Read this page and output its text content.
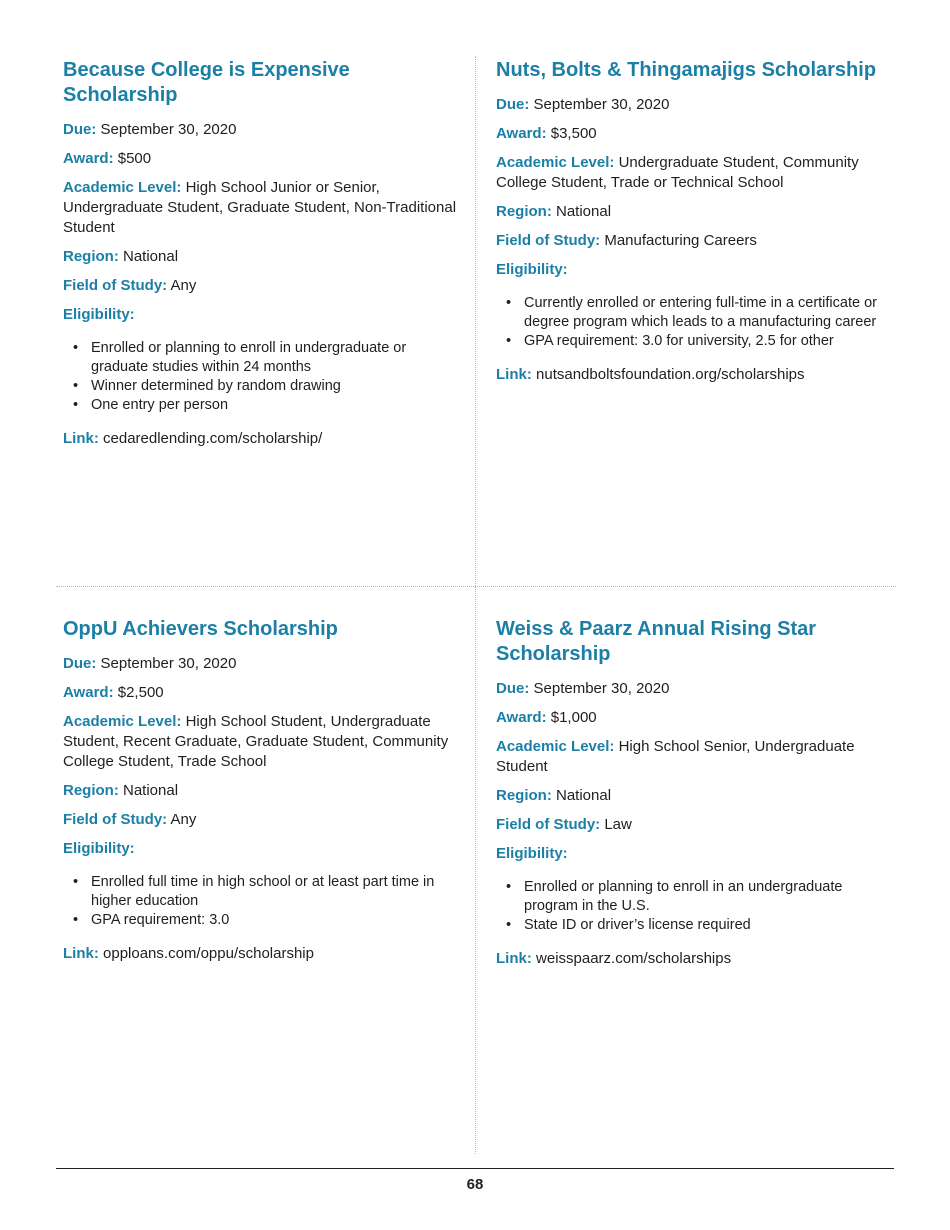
Because College is Expensive Scholarship

Due: September 30, 2020

Award: $500

Academic Level: High School Junior or Senior, Undergraduate Student, Graduate Student, Non-Traditional Student

Region: National

Field of Study: Any

Eligibility:

• Enrolled or planning to enroll in undergraduate or graduate studies within 24 months
• Winner determined by random drawing
• One entry per person

Link: cedaredlending.com/scholarship/

Nuts, Bolts & Thingamajigs Scholarship

Due: September 30, 2020

Award: $3,500

Academic Level: Undergraduate Student, Community College Student, Trade or Technical School

Region: National

Field of Study: Manufacturing Careers

Eligibility:

• Currently enrolled or entering full-time in a certificate or degree program which leads to a manufacturing career
• GPA requirement: 3.0 for university, 2.5 for other

Link: nutsandboltsfoundation.org/scholarships

OppU Achievers Scholarship

Due: September 30, 2020

Award: $2,500

Academic Level: High School Student, Undergraduate Student, Recent Graduate, Graduate Student, Community College Student, Trade School

Region: National

Field of Study: Any

Eligibility:

• Enrolled full time in high school or at least part time in higher education
• GPA requirement: 3.0

Link: opploans.com/oppu/scholarship

Weiss & Paarz Annual Rising Star Scholarship

Due: September 30, 2020

Award: $1,000

Academic Level: High School Senior, Undergraduate Student

Region: National

Field of Study: Law

Eligibility:

• Enrolled or planning to enroll in an undergraduate program in the U.S.
• State ID or driver’s license required

Link: weisspaarz.com/scholarships

68
